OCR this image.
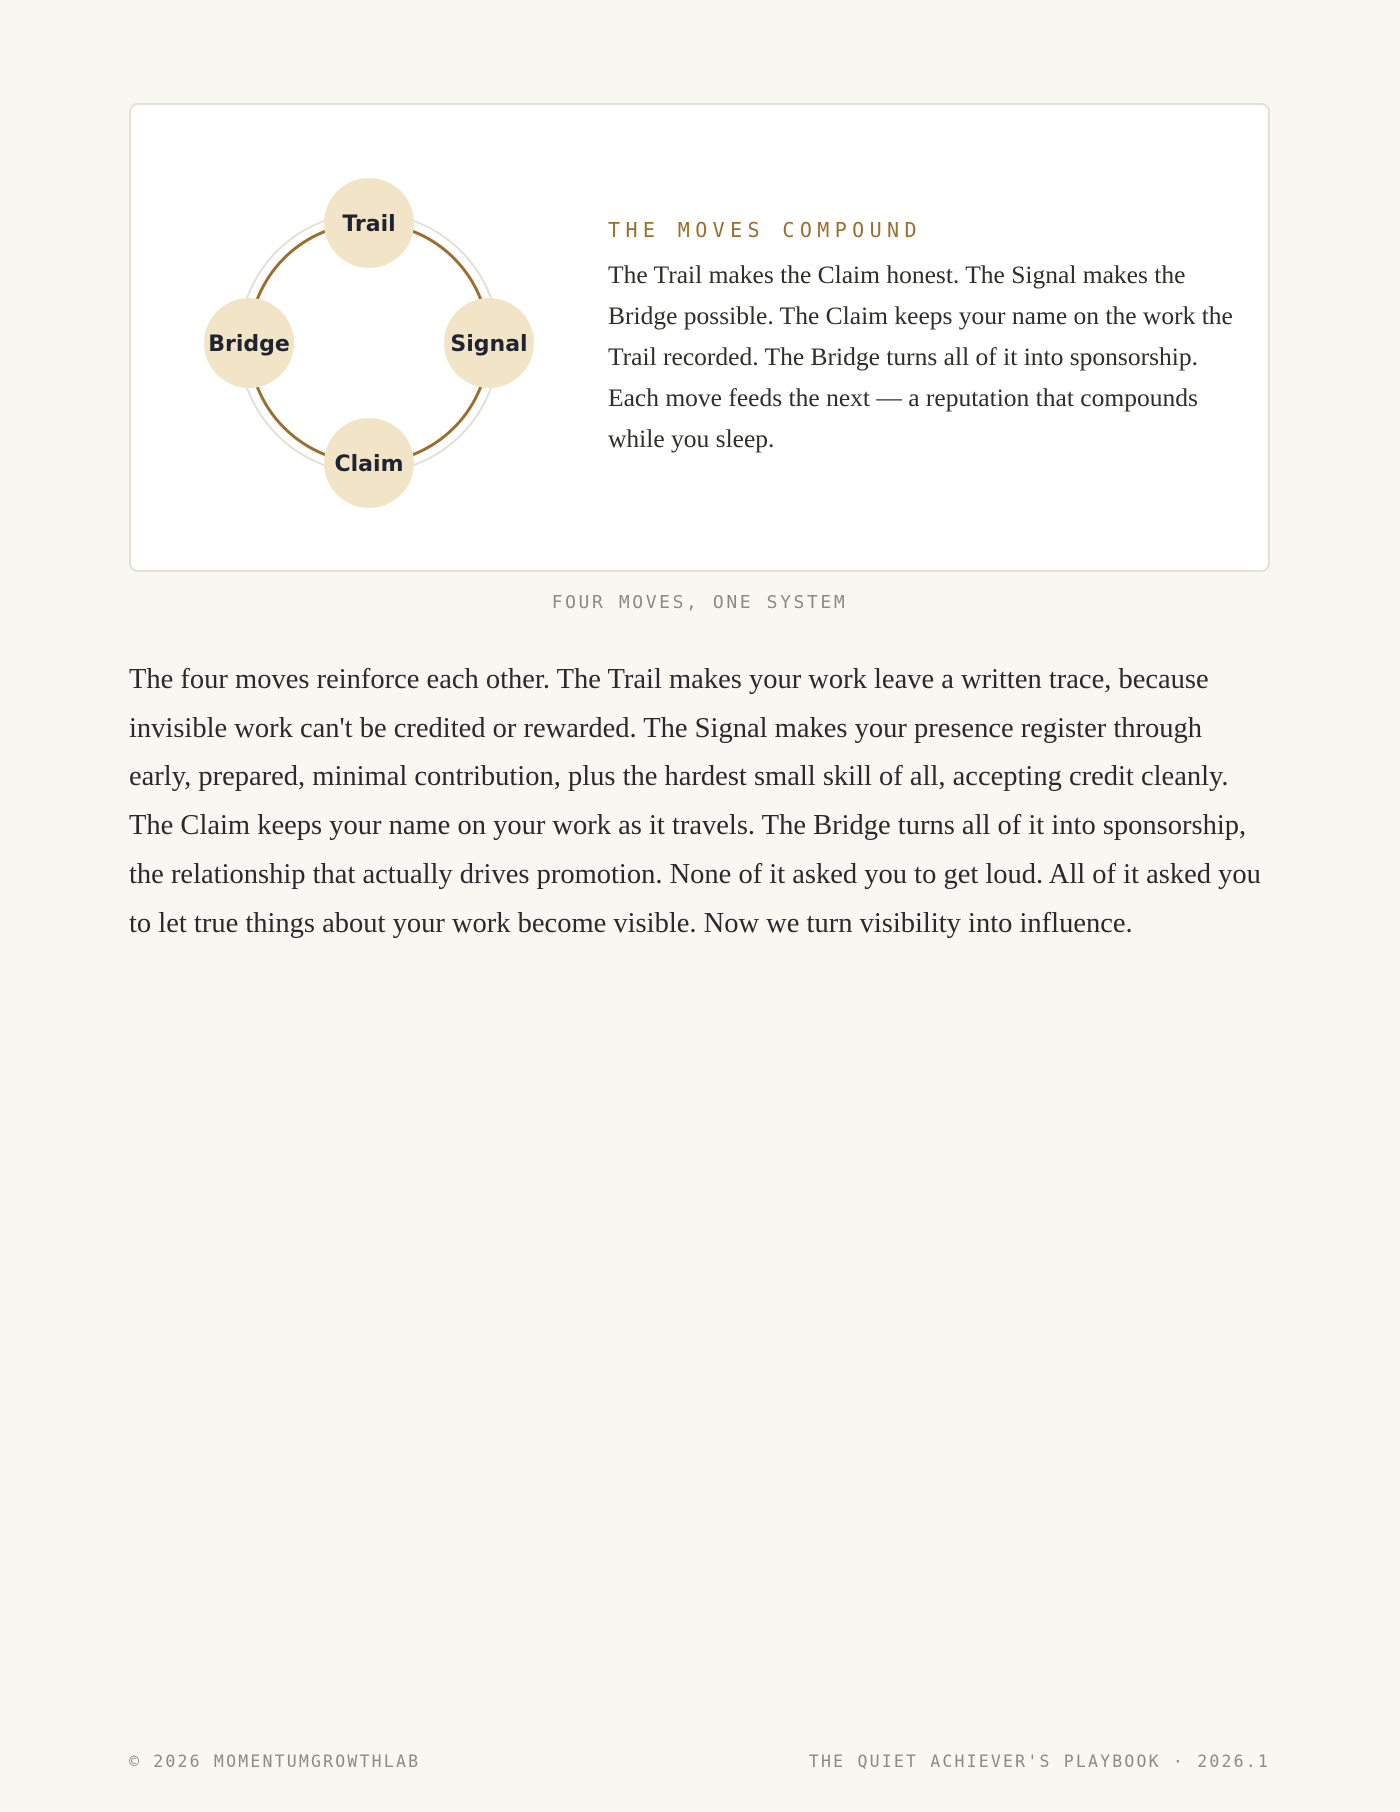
Trail
Signal
Claim
Bridge

THE MOVES COMPOUND

The Trail makes the Claim honest. The Signal makes the Bridge possible. The Claim keeps your name on the work the Trail recorded. The Bridge turns all of it into sponsorship. Each move feeds the next — a reputation that compounds while you sleep.

FOUR MOVES, ONE SYSTEM

The four moves reinforce each other. The Trail makes your work leave a written trace, because invisible work can't be credited or rewarded. The Signal makes your presence register through early, prepared, minimal contribution, plus the hardest small skill of all, accepting credit cleanly. The Claim keeps your name on your work as it travels. The Bridge turns all of it into sponsorship, the relationship that actually drives promotion. None of it asked you to get loud. All of it asked you to let true things about your work become visible. Now we turn visibility into influence.

© 2026 MOMENTUMGROWTHLAB	THE QUIET ACHIEVER'S PLAYBOOK · 2026.1
